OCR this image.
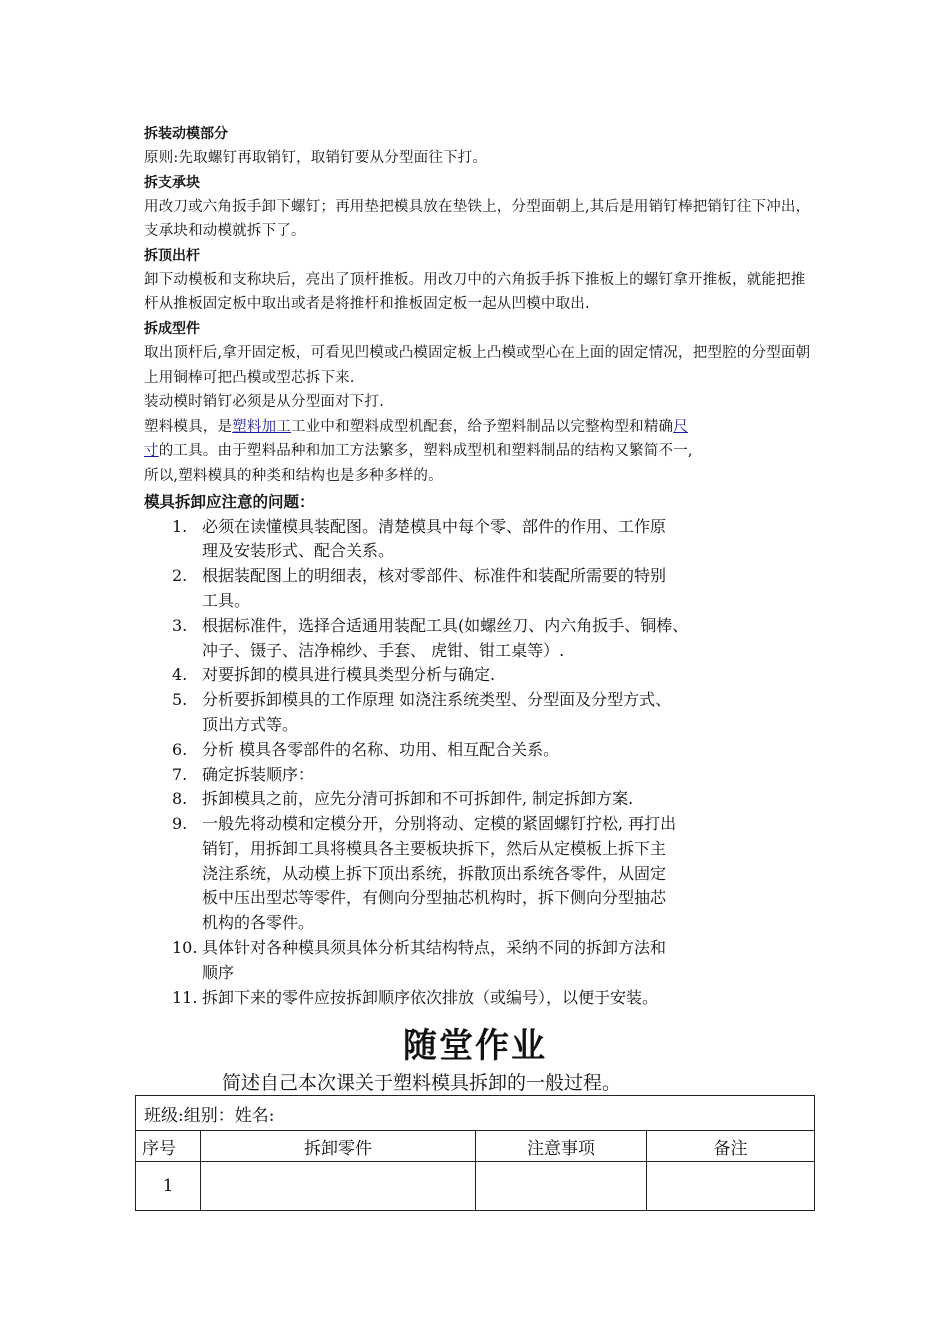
拆装动模部分

原则:先取螺钉再取销钉，取销钉要从分型面往下打。

拆支承块

用改刀或六角扳手卸下螺钉；再用垫把模具放在垫铁上，分型面朝上,其后是用销钉棒把销钉往下冲出，支承块和动模就拆下了。

拆顶出杆

卸下动模板和支称块后，亮出了顶杆推板。用改刀中的六角扳手拆下推板上的螺钉拿开推板，就能把推杆从推板固定板中取出或者是将推杆和推板固定板一起从凹模中取出.

拆成型件

取出顶杆后,拿开固定板，可看见凹模或凸模固定板上凸模或型心在上面的固定情况，把型腔的分型面朝上用铜棒可把凸模或型芯拆下来.

装动模时销钉必须是从分型面对下打.

塑料模具，是塑料加工工业中和塑料成型机配套，给予塑料制品以完整构型和精确尺
寸的工具。由于塑料品种和加工方法繁多，塑料成型机和塑料制品的结构又繁简不一,
所以,塑料模具的种类和结构也是多种多样的。

模具拆卸应注意的问题：

1. 必须在读懂模具装配图。清楚模具中每个零、部件的作用、工作原
理及安装形式、配合关系。
2. 根据装配图上的明细表，核对零部件、标准件和装配所需要的特别
工具。
3. 根据标准件，选择合适通用装配工具(如螺丝刀、内六角扳手、铜棒、
冲子、镊子、洁净棉纱、手套、 虎钳、钳工桌等）.
4. 对要拆卸的模具进行模具类型分析与确定.
5. 分析要拆卸模具的工作原理 如浇注系统类型、分型面及分型方式、
顶出方式等。
6. 分析 模具各零部件的名称、功用、相互配合关系。
7. 确定拆装顺序：
8. 拆卸模具之前，应先分清可拆卸和不可拆卸件, 制定拆卸方案.
9. 一般先将动模和定模分开，分别将动、定模的紧固螺钉拧松, 再打出
销钉，用拆卸工具将模具各主要板块拆下，然后从定模板上拆下主
浇注系统，从动模上拆下顶出系统，拆散顶出系统各零件，从固定
板中压出型芯等零件，有侧向分型抽芯机构时，拆下侧向分型抽芯
机构的各零件。
10. 具体针对各种模具须具体分析其结构特点，采纳不同的拆卸方法和
顺序
11. 拆卸下来的零件应按拆卸顺序依次排放（或编号），以便于安装。
随堂作业
简述自己本次课关于塑料模具拆卸的一般过程。
班级:组别：姓名:			
序号	拆卸零件	注意事项	备注
1			
